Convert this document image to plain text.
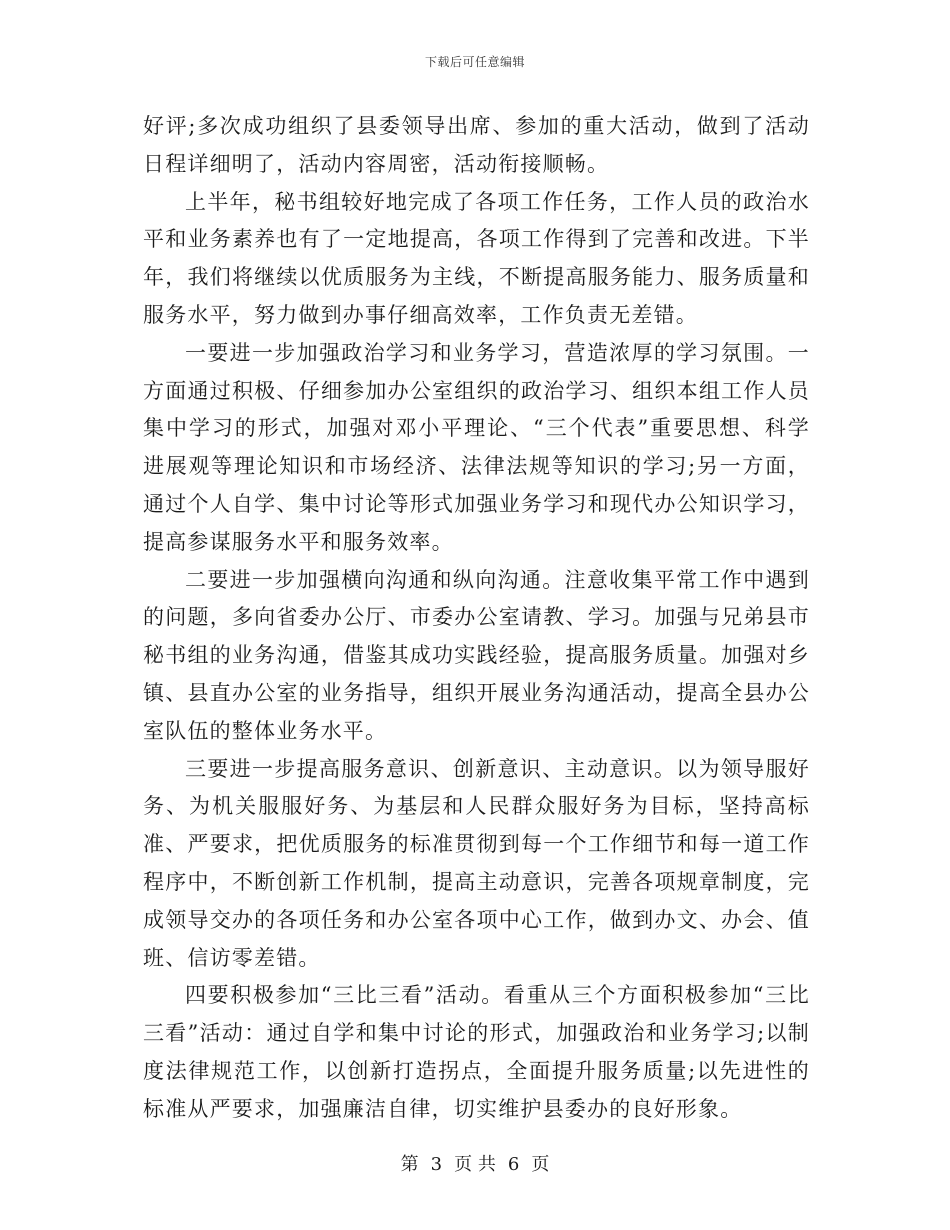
下载后可任意编辑

好评;多次成功组织了县委领导出席、参加的重大活动，做到了活动日程详细明了，活动内容周密，活动衔接顺畅。

上半年，秘书组较好地完成了各项工作任务，工作人员的政治水平和业务素养也有了一定地提高，各项工作得到了完善和改进。下半年，我们将继续以优质服务为主线，不断提高服务能力、服务质量和服务水平，努力做到办事仔细高效率，工作负责无差错。

一要进一步加强政治学习和业务学习，营造浓厚的学习氛围。一方面通过积极、仔细参加办公室组织的政治学习、组织本组工作人员集中学习的形式，加强对邓小平理论、“三个代表”重要思想、科学进展观等理论知识和市场经济、法律法规等知识的学习;另一方面，通过个人自学、集中讨论等形式加强业务学习和现代办公知识学习，提高参谋服务水平和服务效率。

二要进一步加强横向沟通和纵向沟通。注意收集平常工作中遇到的问题，多向省委办公厅、市委办公室请教、学习。加强与兄弟县市秘书组的业务沟通，借鉴其成功实践经验，提高服务质量。加强对乡镇、县直办公室的业务指导，组织开展业务沟通活动，提高全县办公室队伍的整体业务水平。

三要进一步提高服务意识、创新意识、主动意识。以为领导服好务、为机关服服好务、为基层和人民群众服好务为目标，坚持高标准、严要求，把优质服务的标准贯彻到每一个工作细节和每一道工作程序中，不断创新工作机制，提高主动意识，完善各项规章制度，完成领导交办的各项任务和办公室各项中心工作，做到办文、办会、值班、信访零差错。

四要积极参加“三比三看”活动。看重从三个方面积极参加“三比三看”活动：通过自学和集中讨论的形式，加强政治和业务学习;以制度法律规范工作，以创新打造拐点，全面提升服务质量;以先进性的标准从严要求，加强廉洁自律，切实维护县委办的良好形象。

第 3 页 共 6 页
